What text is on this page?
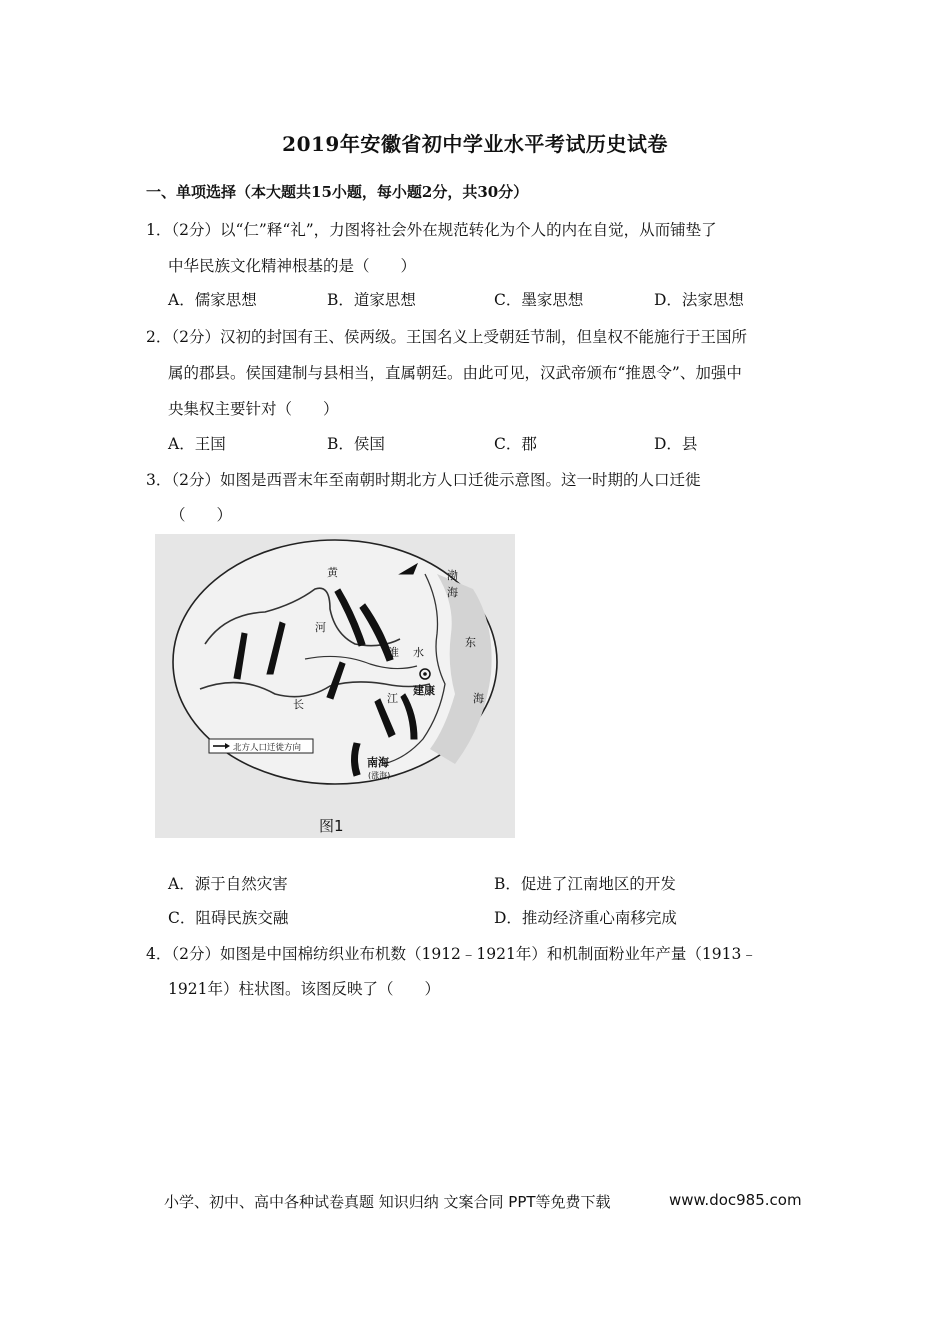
2019年安徽省初中学业水平考试历史试卷
一、单项选择（本大题共15小题，每小题2分，共30分）
1．（2分）以“仁”释“礼”，力图将社会外在规范转化为个人的内在自觉，从而铺垫了
中华民族文化精神根基的是（　　）
A．儒家思想	B．道家思想	C．墨家思想	D．法家思想
2．（2分）汉初的封国有王、侯两级。王国名义上受朝廷节制，但皇权不能施行于王国所
属的郡县。侯国建制与县相当，直属朝廷。由此可见，汉武帝颁布“推恩令”、加强中
央集权主要针对（　　）
A．王国	B．侯国	C．郡	D．县
3．（2分）如图是西晋末年至南朝时期北方人口迁徙示意图。这一时期的人口迁徙
（　　）
黄
河
渤
海
淮 水
长	江
建康
东
海
南海
(涨海)
北方人口迁徙方向
图1
A．源于自然灾害	B．促进了江南地区的开发
C．阻碍民族交融	D．推动经济重心南移完成
4．（2分）如图是中国棉纺织业布机数（1912﹣1921年）和机制面粉业年产量（1913﹣
1921年）柱状图。该图反映了（　　）
小学、初中、高中各种试卷真题 知识归纳 文案合同 PPT等免费下载	www.doc985.com
